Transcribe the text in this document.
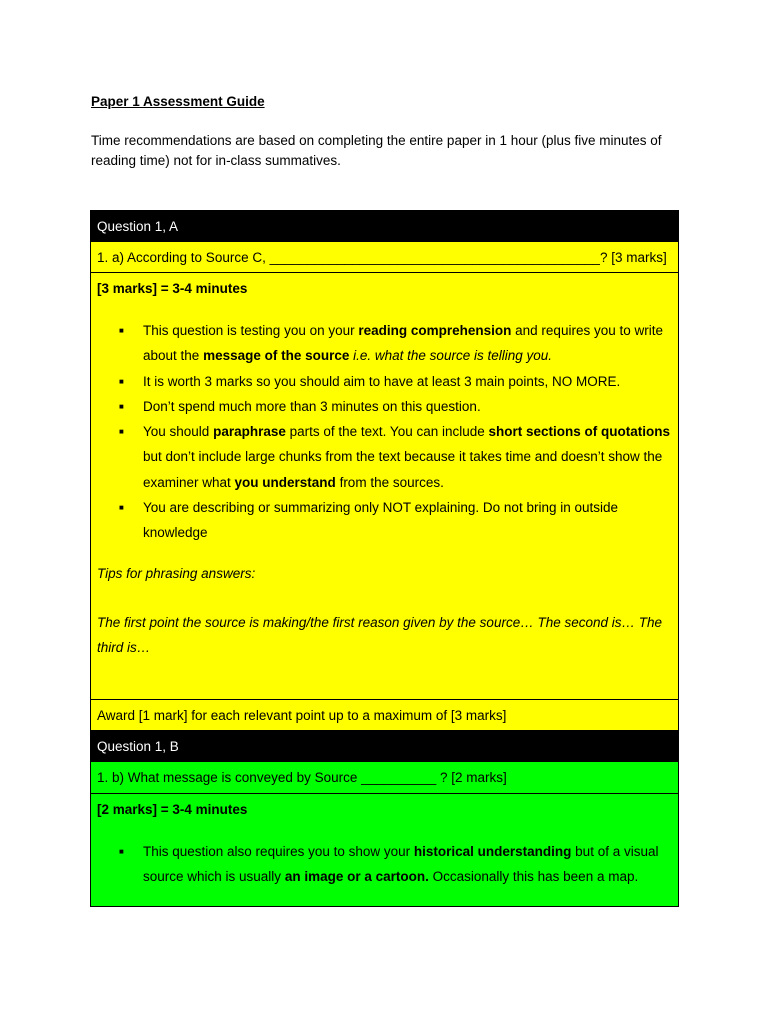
Paper 1 Assessment Guide
Time recommendations are based on completing the entire paper in 1 hour (plus five minutes of reading time) not for in-class summatives.
Question 1, A
1. a) According to Source C, ____________________________________________? [3 marks]

[3 marks] = 3-4 minutes
■ This question is testing you on your reading comprehension and requires you to write about the message of the source i.e. what the source is telling you.
■ It is worth 3 marks so you should aim to have at least 3 main points, NO MORE.
■ Don’t spend much more than 3 minutes on this question.
■ You should paraphrase parts of the text. You can include short sections of quotations but don’t include large chunks from the text because it takes time and doesn’t show the examiner what you understand from the sources.
■ You are describing or summarizing only NOT explaining. Do not bring in outside knowledge
Tips for phrasing answers:
The first point the source is making/the first reason given by the source… The second is… The third is…

Award [1 mark] for each relevant point up to a maximum of [3 marks]
Question 1, B
1. b) What message is conveyed by Source __________ ? [2 marks]

[2 marks] = 3-4 minutes
■ This question also requires you to show your historical understanding but of a visual source which is usually an image or a cartoon. Occasionally this has been a map.
